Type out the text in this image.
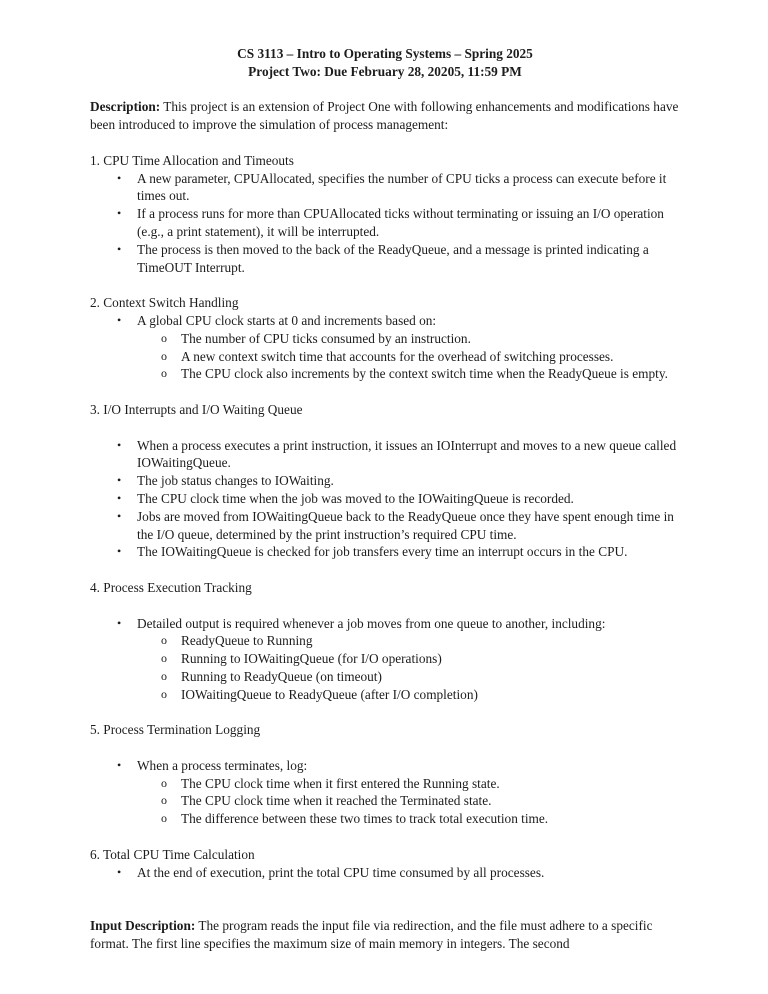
CS 3113 – Intro to Operating Systems – Spring 2025
Project Two: Due February 28, 20205, 11:59 PM
Description: This project is an extension of Project One with following enhancements and modifications have been introduced to improve the simulation of process management:
1. CPU Time Allocation and Timeouts
•	A new parameter, CPUAllocated, specifies the number of CPU ticks a process can execute before it times out.
•	If a process runs for more than CPUAllocated ticks without terminating or issuing an I/O operation (e.g., a print statement), it will be interrupted.
•	The process is then moved to the back of the ReadyQueue, and a message is printed indicating a TimeOUT Interrupt.
2. Context Switch Handling
•	A global CPU clock starts at 0 and increments based on:
o	The number of CPU ticks consumed by an instruction.
o	A new context switch time that accounts for the overhead of switching processes.
o	The CPU clock also increments by the context switch time when the ReadyQueue is empty.
3. I/O Interrupts and I/O Waiting Queue
•	When a process executes a print instruction, it issues an IOInterrupt and moves to a new queue called IOWaitingQueue.
•	The job status changes to IOWaiting.
•	The CPU clock time when the job was moved to the IOWaitingQueue is recorded.
•	Jobs are moved from IOWaitingQueue back to the ReadyQueue once they have spent enough time in the I/O queue, determined by the print instruction’s required CPU time.
•	The IOWaitingQueue is checked for job transfers every time an interrupt occurs in the CPU.
4. Process Execution Tracking
•	Detailed output is required whenever a job moves from one queue to another, including:
o	ReadyQueue to Running
o	Running to IOWaitingQueue (for I/O operations)
o	Running to ReadyQueue (on timeout)
o	IOWaitingQueue to ReadyQueue (after I/O completion)
5. Process Termination Logging
•	When a process terminates, log:
o	The CPU clock time when it first entered the Running state.
o	The CPU clock time when it reached the Terminated state.
o	The difference between these two times to track total execution time.
6. Total CPU Time Calculation
•	At the end of execution, print the total CPU time consumed by all processes.
Input Description: The program reads the input file via redirection, and the file must adhere to a specific format. The first line specifies the maximum size of main memory in integers. The second
